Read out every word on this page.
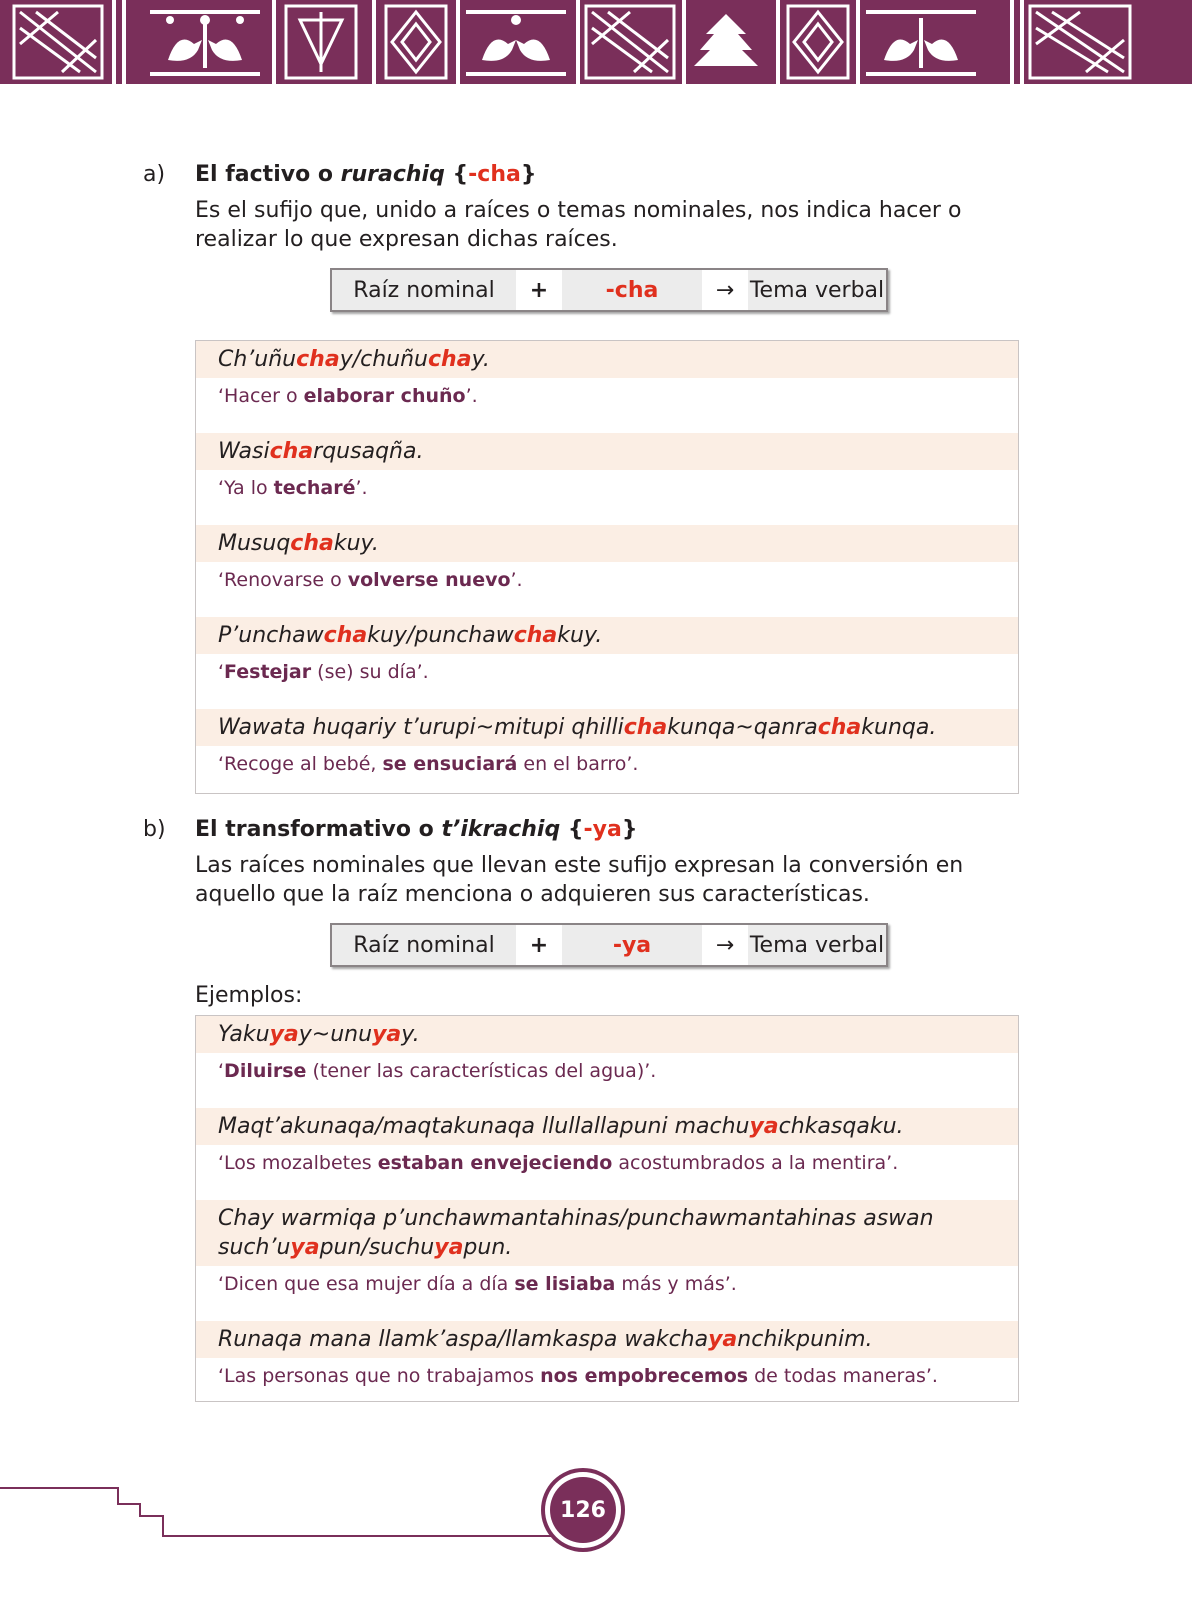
a) El factivo o rurachiq {-cha}
Es el sufijo que, unido a raíces o temas nominales, nos indica hacer o realizar lo que expresan dichas raíces.
Raíz nominal	+	-cha	→ Tema verbal
Ch’uñuchay/chuñuchay.
‘Hacer o elaborar chuño’.
Wasicharqusaqña.
‘Ya lo techaré’.
Musuqchakuy.
‘Renovarse o volverse nuevo’.
P’unchawchakuy/punchawchakuy.
‘Festejar (se) su día’.
Wawata huqariy t’urupi~mitupi qhillichakunqa~qanrachakunqa.
‘Recoge al bebé, se ensuciará en el barro’.
b) El transformativo o t’ikrachiq {-ya}
Las raíces nominales que llevan este sufijo expresan la conversión en aquello que la raíz menciona o adquieren sus características.
Raíz nominal	+	-ya	→ Tema verbal
Ejemplos:
Yakuyay~unuyay.
‘Diluirse (tener las características del agua)’.
Maqt’akunaqa/maqtakunaqa llullallapuni machuyachkasqaku.
‘Los mozalbetes estaban envejeciendo acostumbrados a la mentira’.
Chay warmiqa p’unchawmantahinas/punchawmantahinas aswan such’uyapun/suchuyapun.
‘Dicen que esa mujer día a día se lisiaba más y más’.
Runaqa mana llamk’aspa/llamkaspa wakchayanchikpunim.
‘Las personas que no trabajamos nos empobrecemos de todas maneras’.
126
